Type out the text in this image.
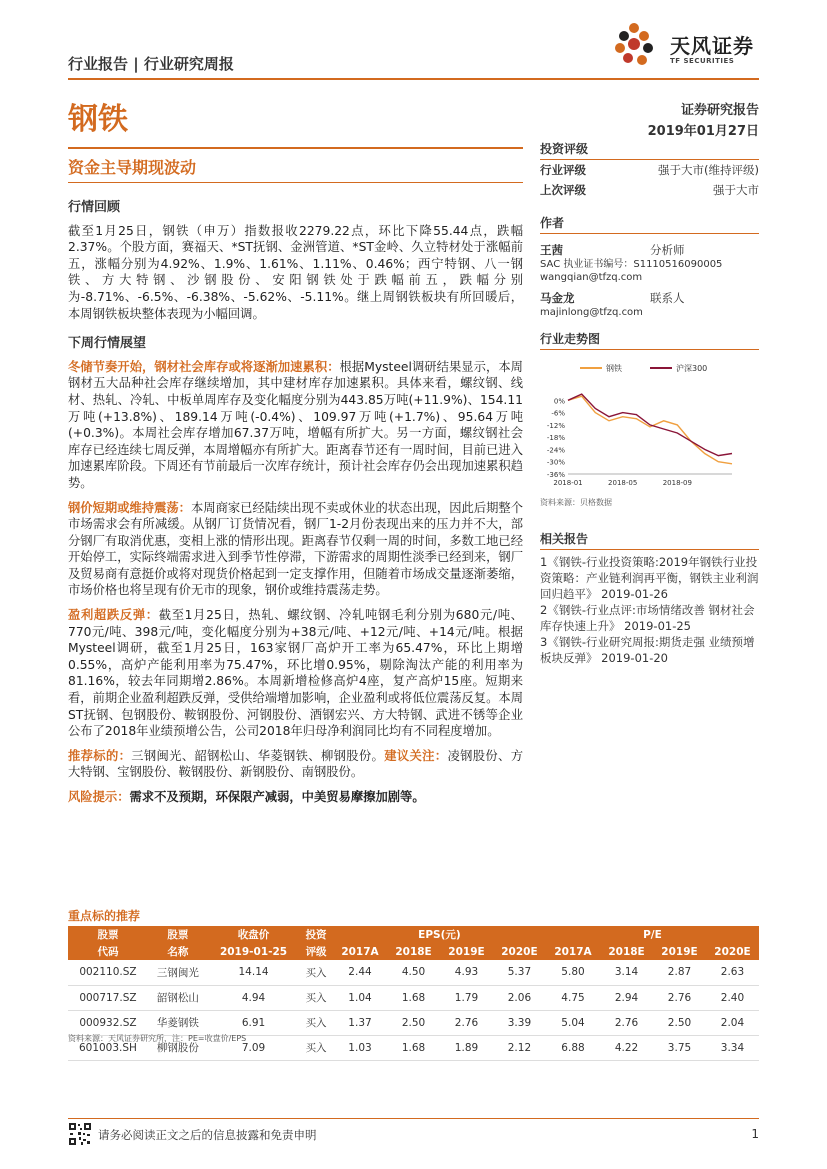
行业报告 | 行业研究周报
天风证券
TF SECURITIES
钢铁	证券研究报告
2019年01月27日
资金主导期现波动
行情回顾

截至1月25日，钢铁（申万）指数报收2279.22点，环比下降55.44点，跌幅2.37%。个股方面，赛福天、*ST抚钢、金洲管道、*ST金岭、久立特材处于涨幅前五，涨幅分别为4.92%、1.9%、1.61%、1.11%、0.46%；西宁特钢、八一钢铁、方大特钢、沙钢股份、安阳钢铁处于跌幅前五，跌幅分别为-8.71%、-6.5%、-6.38%、-5.62%、-5.11%。继上周钢铁板块有所回暖后，本周钢铁板块整体表现为小幅回调。

下周行情展望

冬储节奏开始，钢材社会库存或将逐渐加速累积：根据Mysteel调研结果显示，本周钢材五大品种社会库存继续增加，其中建材库存加速累积。具体来看，螺纹钢、线材、热轧、冷轧、中板单周库存及变化幅度分别为443.85万吨(+11.9%)、154.11万吨(+13.8%)、189.14万吨(-0.4%)、109.97万吨(+1.7%)、95.64万吨(+0.3%)。本周社会库存增加67.37万吨，增幅有所扩大。另一方面，螺纹钢社会库存已经连续七周反弹，本周增幅亦有所扩大。距离春节还有一周时间，目前已进入加速累库阶段。下周还有节前最后一次库存统计，预计社会库存仍会出现加速累积趋势。

钢价短期或维持震荡：本周商家已经陆续出现不卖或休业的状态出现，因此后期整个市场需求会有所减缓。从钢厂订货情况看，钢厂1-2月份表现出来的压力并不大，部分钢厂有取消优惠，变相上涨的情形出现。距离春节仅剩一周的时间，多数工地已经开始停工，实际终端需求进入到季节性停滞，下游需求的周期性淡季已经到来，钢厂及贸易商有意挺价或将对现货价格起到一定支撑作用，但随着市场成交量逐渐萎缩，市场价格也将呈现有价无市的现象，钢价或维持震荡走势。

盈利超跌反弹：截至1月25日，热轧、螺纹钢、冷轧吨钢毛利分别为680元/吨、770元/吨、398元/吨，变化幅度分别为+38元/吨、+12元/吨、+14元/吨。根据Mysteel调研，截至1月25日，163家钢厂高炉开工率为65.47%，环比上期增0.55%，高炉产能利用率为75.47%，环比增0.95%，剔除淘汰产能的利用率为81.16%，较去年同期增2.86%。本周新增检修高炉4座，复产高炉15座。短期来看，前期企业盈利超跌反弹，受供给端增加影响，企业盈利或将低位震荡反复。本周ST抚钢、包钢股份、鞍钢股份、河钢股份、酒钢宏兴、方大特钢、武进不锈等企业公布了2018年业绩预增公告，公司2018年归母净利润同比均有不同程度增加。

推荐标的：三钢闽光、韶钢松山、华菱钢铁、柳钢股份。建议关注：凌钢股份、方大特钢、宝钢股份、鞍钢股份、新钢股份、南钢股份。

风险提示：需求不及预期，环保限产减弱，中美贸易摩擦加剧等。

投资评级
行业评级	强于大市(维持评级)
上次评级	强于大市
作者
王茜	分析师
SAC 执业证书编号：S1110516090005
wangqian@tfzq.com
马金龙	联系人
majinlong@tfzq.com
行业走势图
钢铁	沪深300
0%
-6%
-12%
-18%
-24%
-30%
-36%
2018-01	2018-05	2018-09
资料来源：贝格数据
相关报告
1《钢铁-行业投资策略:2019年钢铁行业投资策略：产业链利润再平衡，钢铁主业利润回归趋平》 2019-01-26
2《钢铁-行业点评:市场情绪改善 钢材社会库存快速上升》 2019-01-25
3《钢铁-行业研究周报:期货走强 业绩预增 板块反弹》 2019-01-20
重点标的推荐
股票	股票	收盘价	投资	EPS(元)				P/E			
代码	名称	2019-01-25	评级	2017A	2018E	2019E	2020E	2017A	2018E	2019E	2020E
002110.SZ	三钢闽光	14.14	买入	2.44	4.50	4.93	5.37	5.80	3.14	2.87	2.63
000717.SZ	韶钢松山	4.94	买入	1.04	1.68	1.79	2.06	4.75	2.94	2.76	2.40
000932.SZ	华菱钢铁	6.91	买入	1.37	2.50	2.76	3.39	5.04	2.76	2.50	2.04
601003.SH	柳钢股份	7.09	买入	1.03	1.68	1.89	2.12	6.88	4.22	3.75	3.34
资料来源：天风证券研究所，注：PE=收盘价/EPS
请务必阅读正文之后的信息披露和免责申明	1
